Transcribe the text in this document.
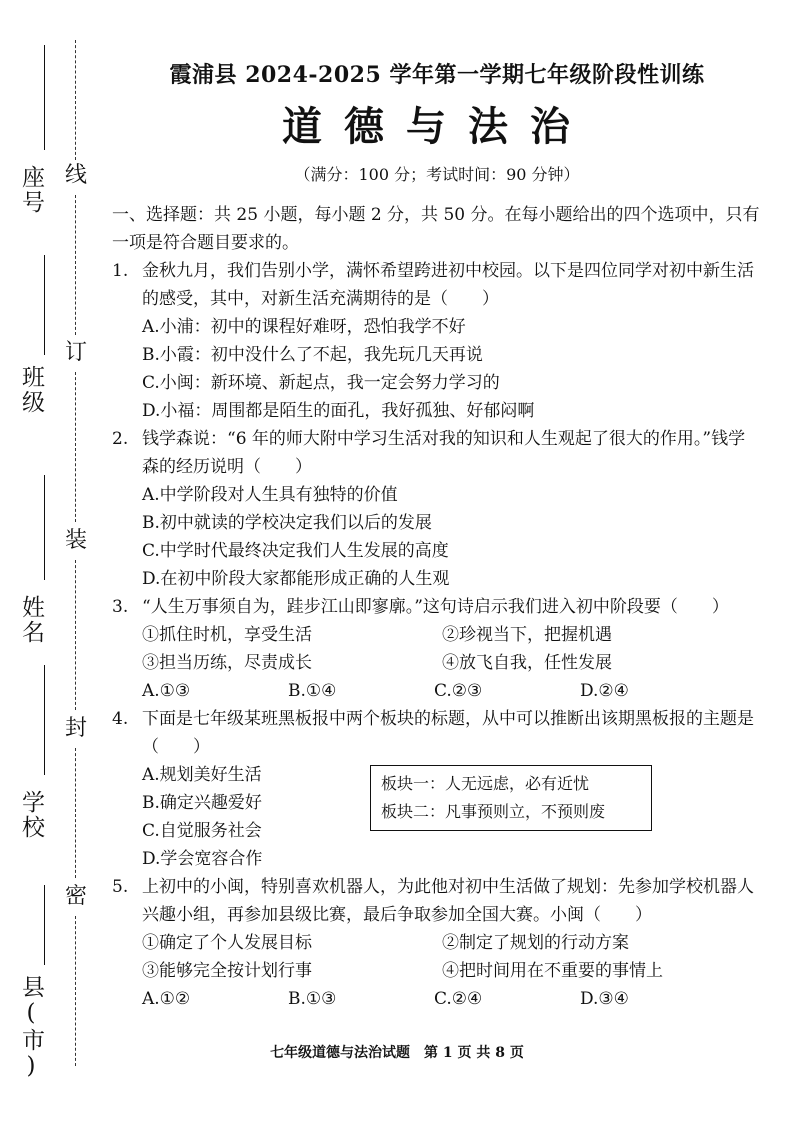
县(市)
学校
姓名
班级
座号 线
订
装
封
密
霞浦县 2024-2025 学年第一学期七年级阶段性训练
道德与法治
（满分：100 分；考试时间：90 分钟）

一、选择题：共 25 小题，每小题 2 分，共 50 分。在每小题给出的四个选项中，只有一项是符合题目要求的。

1. 金秋九月，我们告别小学，满怀希望跨进初中校园。以下是四位同学对初中新生活的感受，其中，对新生活充满期待的是（　　）
A.小浦：初中的课程好难呀，恐怕我学不好
B.小霞：初中没什么了不起，我先玩几天再说
C.小闽：新环境、新起点，我一定会努力学习的
D.小福：周围都是陌生的面孔，我好孤独、好郁闷啊
2. 钱学森说：“6 年的师大附中学习生活对我的知识和人生观起了很大的作用。”钱学森的经历说明（　　）
A.中学阶段对人生具有独特的价值
B.初中就读的学校决定我们以后的发展
C.中学时代最终决定我们人生发展的高度
D.在初中阶段大家都能形成正确的人生观
3. “人生万事须自为，跬步江山即寥廓。”这句诗启示我们进入初中阶段要（　　）
①抓住时机，享受生活	②珍视当下，把握机遇
③担当历练，尽责成长	④放飞自我，任性发展
A.①③	B.①④	C.②③	D.②④
4. 下面是七年级某班黑板报中两个板块的标题，从中可以推断出该期黑板报的主题是（　　）
A.规划美好生活
B.确定兴趣爱好
C.自觉服务社会
D.学会宽容合作
板块一：人无远虑，必有近忧
板块二：凡事预则立，不预则废
5. 上初中的小闽，特别喜欢机器人，为此他对初中生活做了规划：先参加学校机器人兴趣小组，再参加县级比赛，最后争取参加全国大赛。小闽（　　）
①确定了个人发展目标	②制定了规划的行动方案
③能够完全按计划行事	④把时间用在不重要的事情上
A.①②	B.①③	C.②④	D.③④
七年级道德与法治试题　第 1 页 共 8 页
